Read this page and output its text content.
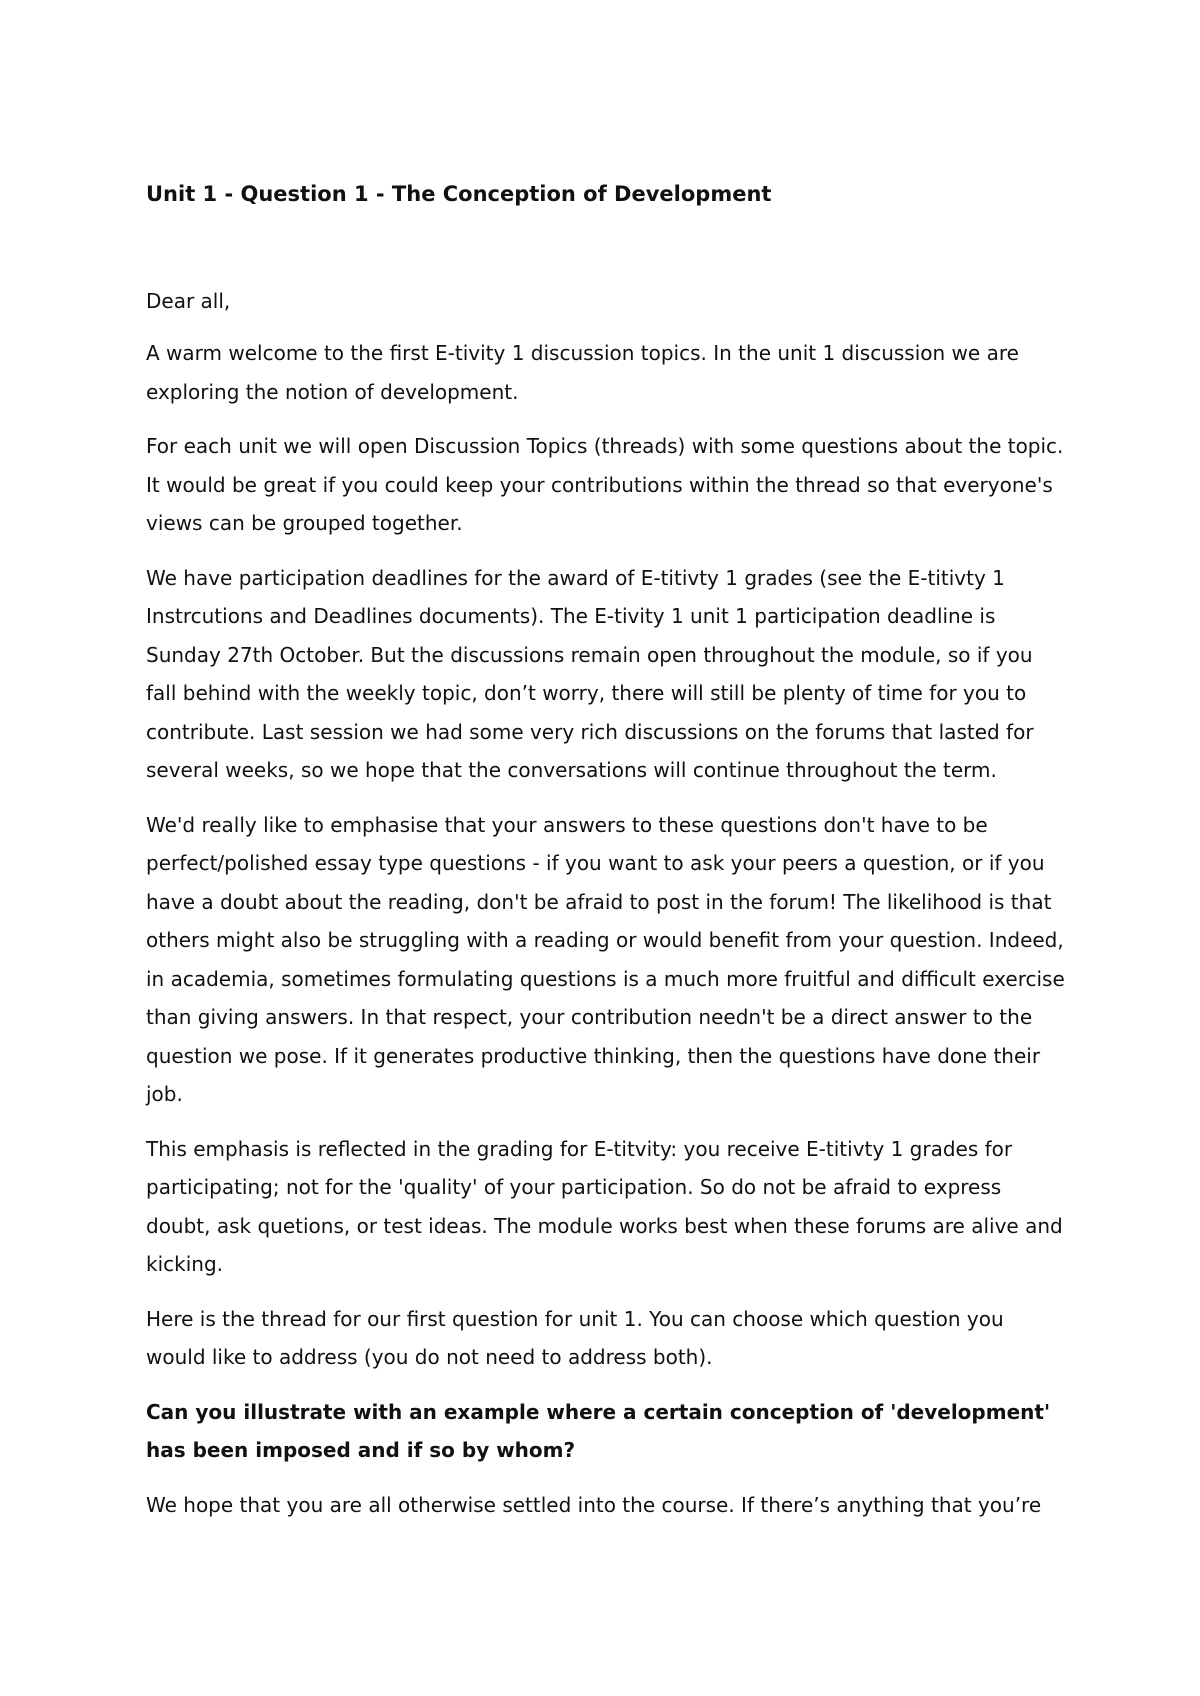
Unit 1 - Question 1 - The Conception of Development

Dear all,

A warm welcome to the first E-tivity 1 discussion topics. In the unit 1 discussion we are exploring the notion of development.

For each unit we will open Discussion Topics (threads) with some questions about the topic. It would be great if you could keep your contributions within the thread so that everyone's views can be grouped together.

We have participation deadlines for the award of E-titivty 1 grades (see the E-titivty 1 Instrcutions and Deadlines documents). The E-tivity 1 unit 1 participation deadline is Sunday 27th October. But the discussions remain open throughout the module, so if you fall behind with the weekly topic, don’t worry, there will still be plenty of time for you to contribute. Last session we had some very rich discussions on the forums that lasted for several weeks, so we hope that the conversations will continue throughout the term.

We'd really like to emphasise that your answers to these questions don't have to be perfect/polished essay type questions - if you want to ask your peers a question, or if you have a doubt about the reading, don't be afraid to post in the forum! The likelihood is that others might also be struggling with a reading or would benefit from your question. Indeed, in academia, sometimes formulating questions is a much more fruitful and difficult exercise than giving answers. In that respect, your contribution needn't be a direct answer to the question we pose. If it generates productive thinking, then the questions have done their job.

This emphasis is reflected in the grading for E-titvity: you receive E-titivty 1 grades for participating; not for the 'quality' of your participation. So do not be afraid to express doubt, ask quetions, or test ideas. The module works best when these forums are alive and kicking.

Here is the thread for our first question for unit 1. You can choose which question you would like to address (you do not need to address both).

Can you illustrate with an example where a certain conception of 'development' has been imposed and if so by whom?

We hope that you are all otherwise settled into the course. If there’s anything that you’re
